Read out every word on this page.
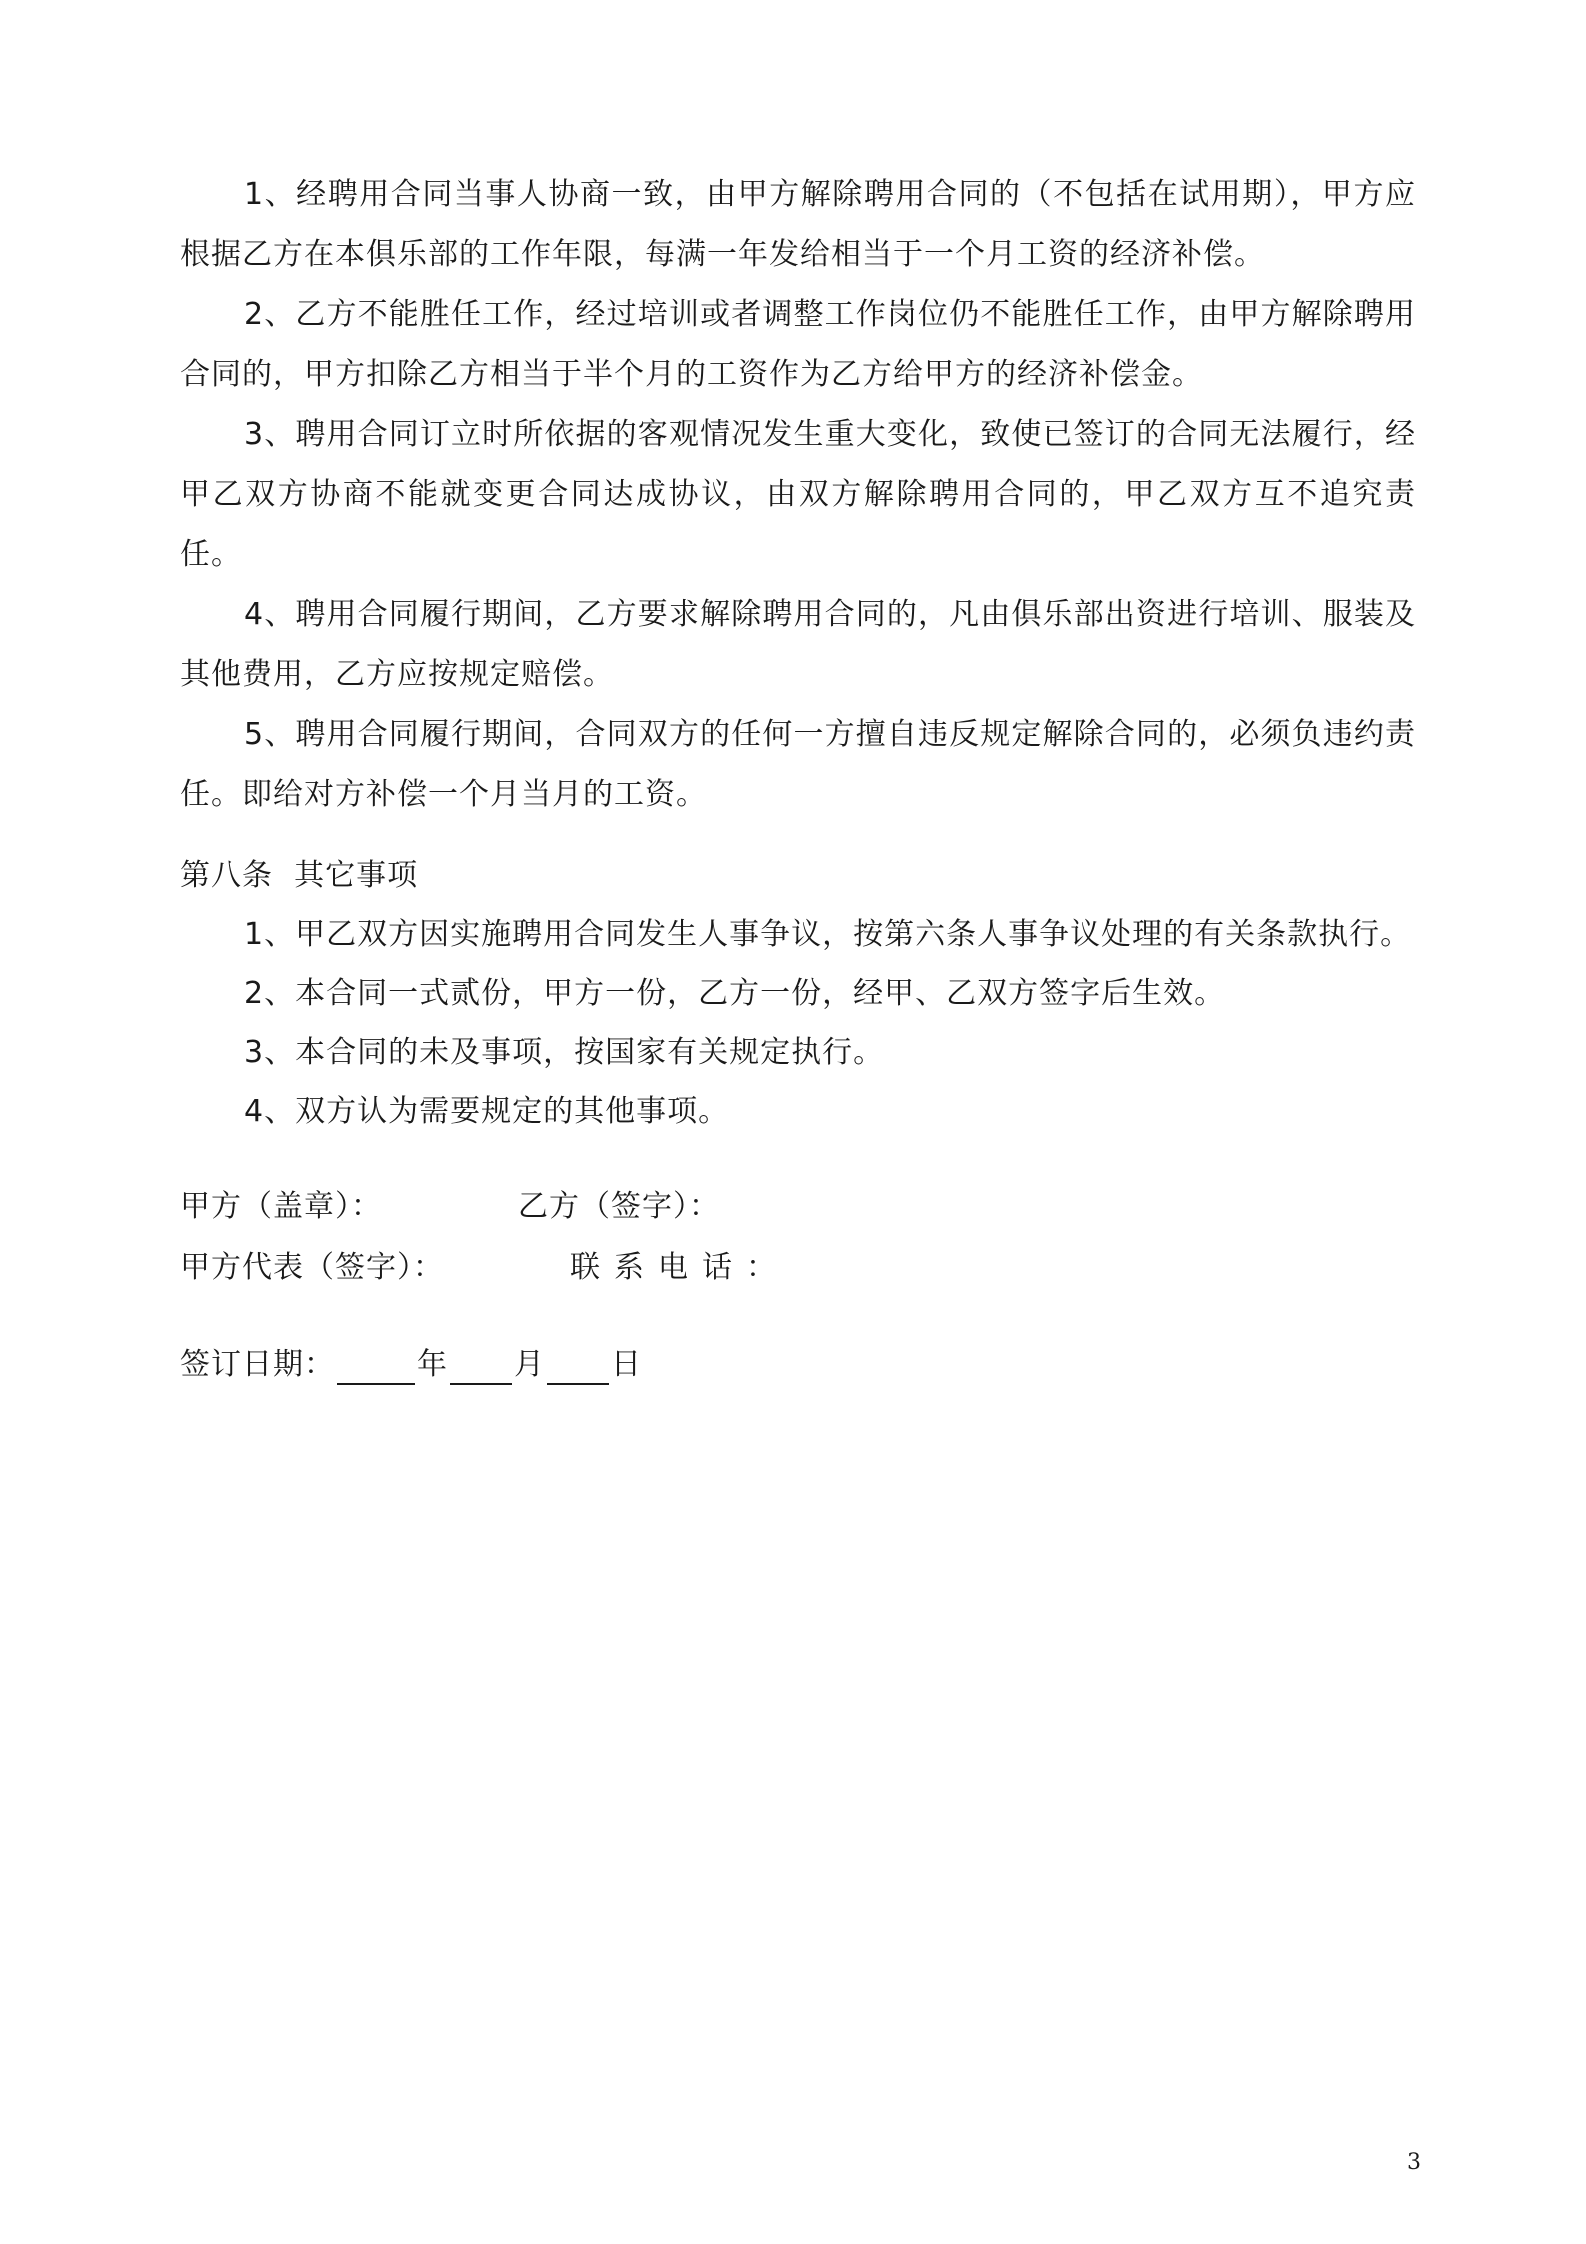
1、经聘用合同当事人协商一致，由甲方解除聘用合同的（不包括在试用期），甲方应根据乙方在本俱乐部的工作年限，每满一年发给相当于一个月工资的经济补偿。

2、乙方不能胜任工作，经过培训或者调整工作岗位仍不能胜任工作，由甲方解除聘用合同的，甲方扣除乙方相当于半个月的工资作为乙方给甲方的经济补偿金。

3、聘用合同订立时所依据的客观情况发生重大变化，致使已签订的合同无法履行，经甲乙双方协商不能就变更合同达成协议，由双方解除聘用合同的，甲乙双方互不追究责任。

4、聘用合同履行期间，乙方要求解除聘用合同的，凡由俱乐部出资进行培训、服装及其他费用，乙方应按规定赔偿。

5、聘用合同履行期间，合同双方的任何一方擅自违反规定解除合同的，必须负违约责任。即给对方补偿一个月当月的工资。

第八条  其它事项

1、甲乙双方因实施聘用合同发生人事争议，按第六条人事争议处理的有关条款执行。

2、本合同一式贰份，甲方一份，乙方一份，经甲、乙双方签字后生效。

3、本合同的未及事项，按国家有关规定执行。

4、双方认为需要规定的其他事项。

甲方（盖章）：	乙方（签字）：
甲方代表（签字）：	联系电话：
签订日期：	年 月 日
3
